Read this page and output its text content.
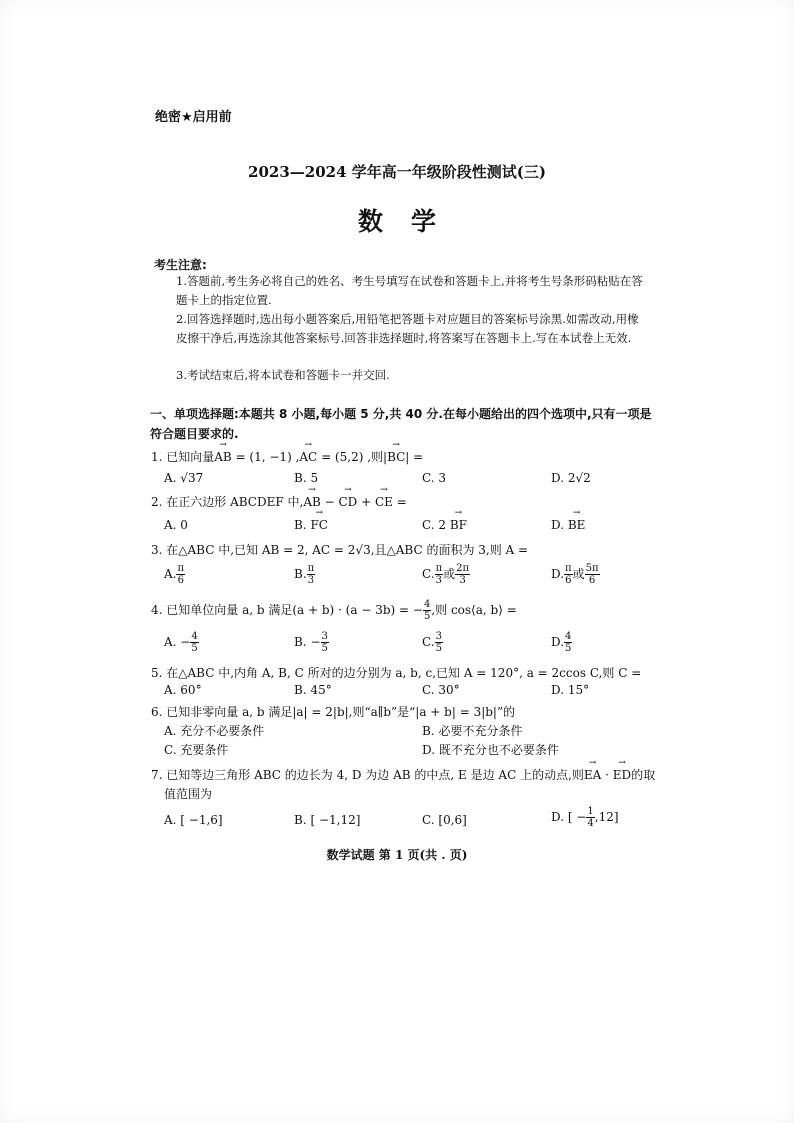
绝密★启用前
2023—2024 学年高一年级阶段性测试(三)
数学
考生注意:
1.答题前,考生务必将自己的姓名、考生号填写在试卷和答题卡上,并将考生号条形码粘贴在答题卡上的指定位置.
2.回答选择题时,选出每小题答案后,用铅笔把答题卡对应题目的答案标号涂黑.如需改动,用橡皮擦干净后,再选涂其他答案标号.回答非选择题时,将答案写在答题卡上.写在本试卷上无效.
3.考试结束后,将本试卷和答题卡一并交回.
一、单项选择题:本题共 8 小题,每小题 5 分,共 40 分.在每小题给出的四个选项中,只有一项是符合题目要求的.
1. 已知向量→ AB = (1, −1) ,→ AC = (5,2) ,则|→ BC| =
A. √37	B. 5	C. 3	D. 2√2
2. 在正六边形 ABCDEF 中,→ AB − → CD + → CE =
A. 0	B. → FC	C. 2 → BF	D. → BE
3. 在△ABC 中,已知 AB = 2, AC = 2√3,且△ABC 的面积为 3,则 A =
A. $\frac{\pi}{6}$	B. $\frac{\pi}{3}$	C. $\frac{\pi}{3}$ 或 $\frac{2\pi}{3}$	D. $\frac{\pi}{6}$ 或 $\frac{5\pi}{6}$
4. 已知单位向量 a, b 满足(a + b) · (a − 3b) = − $\frac{4}{5}$ ,则 cos⟨a, b⟩ =
A. − $\frac{4}{5}$	B. − $\frac{3}{5}$	C. $\frac{3}{5}$	D. $\frac{4}{5}$
5. 在△ABC 中,内角 A, B, C 所对的边分别为 a, b, c,已知 A = 120°, a = 2ccos C,则 C =
A. 60°	B. 45°	C. 30°	D. 15°
6. 已知非零向量 a, b 满足|a| = 2|b|,则“a∥b”是“|a + b| = 3|b|”的
A. 充分不必要条件	B. 必要不充分条件
C. 充要条件	D. 既不充分也不必要条件
7. 已知等边三角形 ABC 的边长为 4, D 为边 AB 的中点, E 是边 AC 上的动点,则→ EA · → ED的取
值范围为
A. [ −1,6]	B. [ −1,12]	C. [0,6]	D. [ − $\frac{1}{4} ,12$]
数学试题 第 1 页(共 . 页)
